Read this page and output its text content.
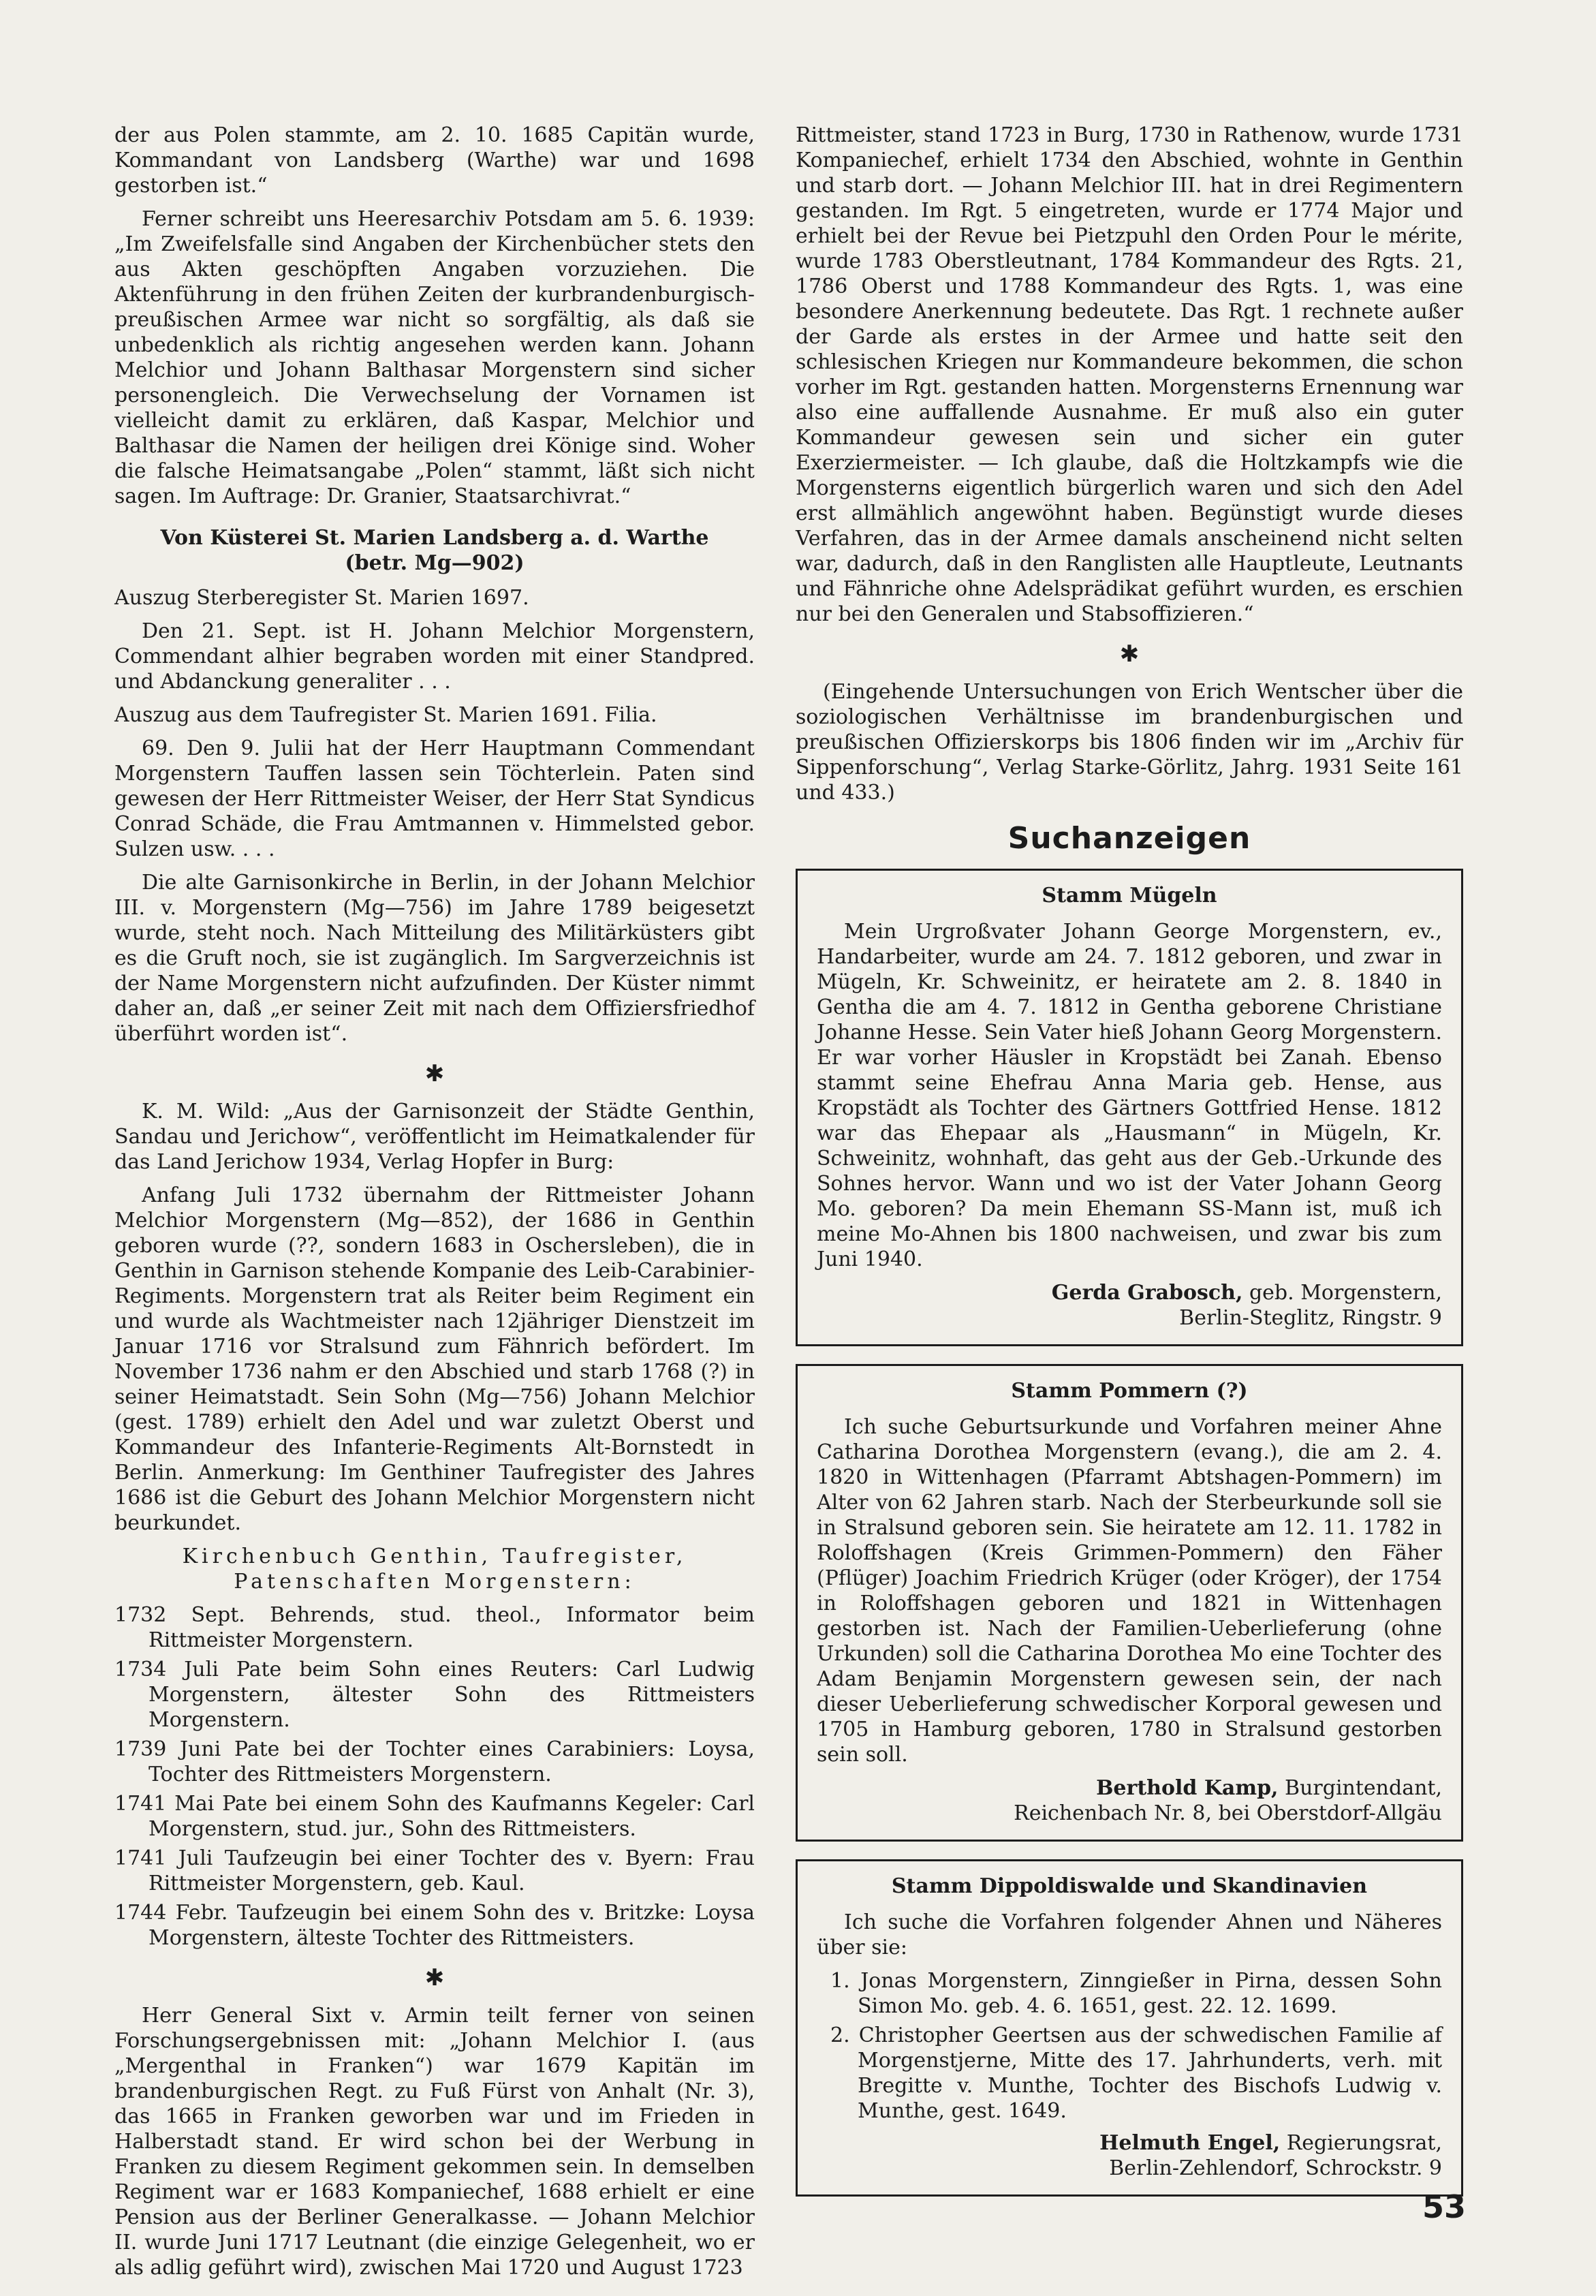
der aus Polen stammte, am 2. 10. 1685 Capitän wurde, Kommandant von Landsberg (Warthe) war und 1698 gestorben ist.“

Ferner schreibt uns Heeresarchiv Potsdam am 5. 6. 1939: „Im Zweifelsfalle sind Angaben der Kirchenbücher stets den aus Akten geschöpften Angaben vorzuziehen. Die Aktenführung in den frühen Zeiten der kurbrandenburgisch-preußischen Armee war nicht so sorgfältig, als daß sie unbedenklich als richtig angesehen werden kann. Johann Melchior und Johann Balthasar Morgenstern sind sicher personengleich. Die Verwechselung der Vornamen ist vielleicht damit zu erklären, daß Kaspar, Melchior und Balthasar die Namen der heiligen drei Könige sind. Woher die falsche Heimatsangabe „Polen“ stammt, läßt sich nicht sagen. Im Auftrage: Dr. Granier, Staatsarchivrat.“

Von Küsterei St. Marien Landsberg a. d. Warthe
(betr. Mg—902)

Auszug Sterberegister St. Marien 1697.

Den 21. Sept. ist H. Johann Melchior Morgenstern, Commendant alhier begraben worden mit einer Standpred. und Abdanckung generaliter . . .

Auszug aus dem Taufregister St. Marien 1691. Filia.

69. Den 9. Julii hat der Herr Hauptmann Commendant Morgenstern Tauffen lassen sein Töchterlein. Paten sind gewesen der Herr Rittmeister Weiser, der Herr Stat Syndicus Conrad Schäde, die Frau Amtmannen v. Himmelsted gebor. Sulzen usw. . . .

Die alte Garnisonkirche in Berlin, in der Johann Melchior III. v. Morgenstern (Mg—756) im Jahre 1789 beigesetzt wurde, steht noch. Nach Mitteilung des Militärküsters gibt es die Gruft noch, sie ist zugänglich. Im Sargverzeichnis ist der Name Morgenstern nicht aufzufinden. Der Küster nimmt daher an, daß „er seiner Zeit mit nach dem Offiziersfriedhof überführt worden ist“.

✱

K. M. Wild: „Aus der Garnisonzeit der Städte Genthin, Sandau und Jerichow“, veröffentlicht im Heimatkalender für das Land Jerichow 1934, Verlag Hopfer in Burg:

Anfang Juli 1732 übernahm der Rittmeister Johann Melchior Morgenstern (Mg—852), der 1686 in Genthin geboren wurde (??, sondern 1683 in Oschersleben), die in Genthin in Garnison stehende Kompanie des Leib-Carabinier-Regiments. Morgenstern trat als Reiter beim Regiment ein und wurde als Wachtmeister nach 12jähriger Dienstzeit im Januar 1716 vor Stralsund zum Fähnrich befördert. Im November 1736 nahm er den Abschied und starb 1768 (?) in seiner Heimatstadt. Sein Sohn (Mg—756) Johann Melchior (gest. 1789) erhielt den Adel und war zuletzt Oberst und Kommandeur des Infanterie-Regiments Alt-Bornstedt in Berlin. Anmerkung: Im Genthiner Taufregister des Jahres 1686 ist die Geburt des Johann Melchior Morgenstern nicht beurkundet.

Kirchenbuch Genthin, Taufregister, Patenschaften Morgenstern:

1732 Sept. Behrends, stud. theol., Informator beim Rittmeister Morgenstern.

1734 Juli Pate beim Sohn eines Reuters: Carl Ludwig Morgenstern, ältester Sohn des Rittmeisters Morgenstern.

1739 Juni Pate bei der Tochter eines Carabiniers: Loysa, Tochter des Rittmeisters Morgenstern.

1741 Mai Pate bei einem Sohn des Kaufmanns Kegeler: Carl Morgenstern, stud. jur., Sohn des Rittmeisters.

1741 Juli Taufzeugin bei einer Tochter des v. Byern: Frau Rittmeister Morgenstern, geb. Kaul.

1744 Febr. Taufzeugin bei einem Sohn des v. Britzke: Loysa Morgenstern, älteste Tochter des Rittmeisters.

✱

Herr General Sixt v. Armin teilt ferner von seinen Forschungsergebnissen mit: „Johann Melchior I. (aus „Mergenthal in Franken“) war 1679 Kapitän im brandenburgischen Regt. zu Fuß Fürst von Anhalt (Nr. 3), das 1665 in Franken geworben war und im Frieden in Halberstadt stand. Er wird schon bei der Werbung in Franken zu diesem Regiment gekommen sein. In demselben Regiment war er 1683 Kompaniechef, 1688 erhielt er eine Pension aus der Berliner Generalkasse. — Johann Melchior II. wurde Juni 1717 Leutnant (die einzige Gelegenheit, wo er als adlig geführt wird), zwischen Mai 1720 und August 1723

Rittmeister, stand 1723 in Burg, 1730 in Rathenow, wurde 1731 Kompaniechef, erhielt 1734 den Abschied, wohnte in Genthin und starb dort. — Johann Melchior III. hat in drei Regimentern gestanden. Im Rgt. 5 eingetreten, wurde er 1774 Major und erhielt bei der Revue bei Pietzpuhl den Orden Pour le mérite, wurde 1783 Oberstleutnant, 1784 Kommandeur des Rgts. 21, 1786 Oberst und 1788 Kommandeur des Rgts. 1, was eine besondere Anerkennung bedeutete. Das Rgt. 1 rechnete außer der Garde als erstes in der Armee und hatte seit den schlesischen Kriegen nur Kommandeure bekommen, die schon vorher im Rgt. gestanden hatten. Morgensterns Ernennung war also eine auffallende Ausnahme. Er muß also ein guter Kommandeur gewesen sein und sicher ein guter Exerziermeister. — Ich glaube, daß die Holtzkampfs wie die Morgensterns eigentlich bürgerlich waren und sich den Adel erst allmählich angewöhnt haben. Begünstigt wurde dieses Verfahren, das in der Armee damals anscheinend nicht selten war, dadurch, daß in den Ranglisten alle Hauptleute, Leutnants und Fähnriche ohne Adelsprädikat geführt wurden, es erschien nur bei den Generalen und Stabsoffizieren.“

✱

(Eingehende Untersuchungen von Erich Wentscher über die soziologischen Verhältnisse im brandenburgischen und preußischen Offizierskorps bis 1806 finden wir im „Archiv für Sippenforschung“, Verlag Starke-Görlitz, Jahrg. 1931 Seite 161 und 433.)

Suchanzeigen
Stamm Mügeln

Mein Urgroßvater Johann George Morgenstern, ev., Handarbeiter, wurde am 24. 7. 1812 geboren, und zwar in Mügeln, Kr. Schweinitz, er heiratete am 2. 8. 1840 in Gentha die am 4. 7. 1812 in Gentha geborene Christiane Johanne Hesse. Sein Vater hieß Johann Georg Morgenstern. Er war vorher Häusler in Kropstädt bei Zanah. Ebenso stammt seine Ehefrau Anna Maria geb. Hense, aus Kropstädt als Tochter des Gärtners Gottfried Hense. 1812 war das Ehepaar als „Hausmann“ in Mügeln, Kr. Schweinitz, wohnhaft, das geht aus der Geb.-Urkunde des Sohnes hervor. Wann und wo ist der Vater Johann Georg Mo. geboren? Da mein Ehemann SS-Mann ist, muß ich meine Mo-Ahnen bis 1800 nachweisen, und zwar bis zum Juni 1940.

Gerda Grabosch, geb. Morgenstern,
Berlin-Steglitz, Ringstr. 9
Stamm Pommern (?)

Ich suche Geburtsurkunde und Vorfahren meiner Ahne Catharina Dorothea Morgenstern (evang.), die am 2. 4. 1820 in Wittenhagen (Pfarramt Abtshagen-Pommern) im Alter von 62 Jahren starb. Nach der Sterbeurkunde soll sie in Stralsund geboren sein. Sie heiratete am 12. 11. 1782 in Roloffshagen (Kreis Grimmen-Pommern) den Fäher (Pflüger) Joachim Friedrich Krüger (oder Kröger), der 1754 in Roloffshagen geboren und 1821 in Wittenhagen gestorben ist. Nach der Familien-Ueberlieferung (ohne Urkunden) soll die Catharina Dorothea Mo eine Tochter des Adam Benjamin Morgenstern gewesen sein, der nach dieser Ueberlieferung schwedischer Korporal gewesen und 1705 in Hamburg geboren, 1780 in Stralsund gestorben sein soll.

Berthold Kamp, Burgintendant,
Reichenbach Nr. 8, bei Oberstdorf-Allgäu
Stamm Dippoldiswalde und Skandinavien

Ich suche die Vorfahren folgender Ahnen und Näheres über sie:

1. Jonas Morgenstern, Zinngießer in Pirna, dessen Sohn Simon Mo. geb. 4. 6. 1651, gest. 22. 12. 1699.

2. Christopher Geertsen aus der schwedischen Familie af Morgenstjerne, Mitte des 17. Jahrhunderts, verh. mit Bregitte v. Munthe, Tochter des Bischofs Ludwig v. Munthe, gest. 1649.

Helmuth Engel, Regierungsrat,
Berlin-Zehlendorf, Schrockstr. 9
53
